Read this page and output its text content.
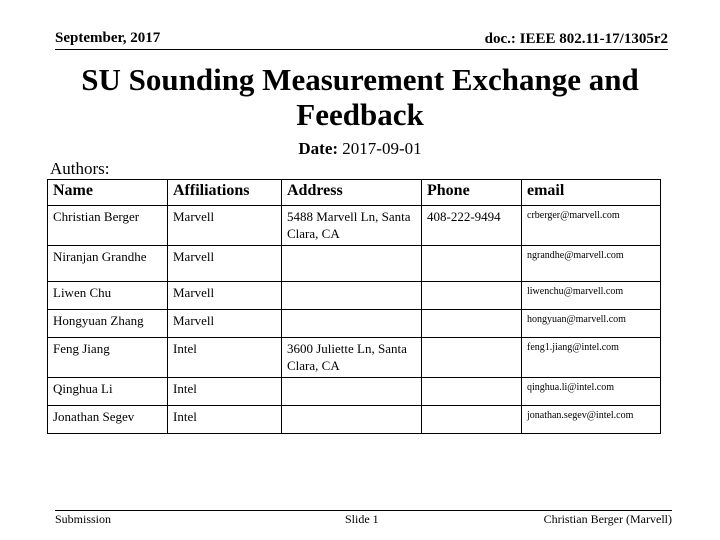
September, 2017	doc.: IEEE 802.11-17/1305r2
SU Sounding Measurement Exchange and Feedback
Date: 2017-09-01
Authors:
Name	Affiliations	Address	Phone	email
Christian Berger	Marvell	5488 Marvell Ln, Santa Clara, CA	408-222-9494	crberger@marvell.com
Niranjan Grandhe	Marvell			ngrandhe@marvell.com
Liwen Chu	Marvell			liwenchu@marvell.com
Hongyuan Zhang	Marvell			hongyuan@marvell.com
Feng Jiang	Intel	3600 Juliette Ln, Santa Clara, CA		feng1.jiang@intel.com
Qinghua Li	Intel			qinghua.li@intel.com
Jonathan Segev	Intel			jonathan.segev@intel.com
Submission	Slide 1	Christian Berger (Marvell)
